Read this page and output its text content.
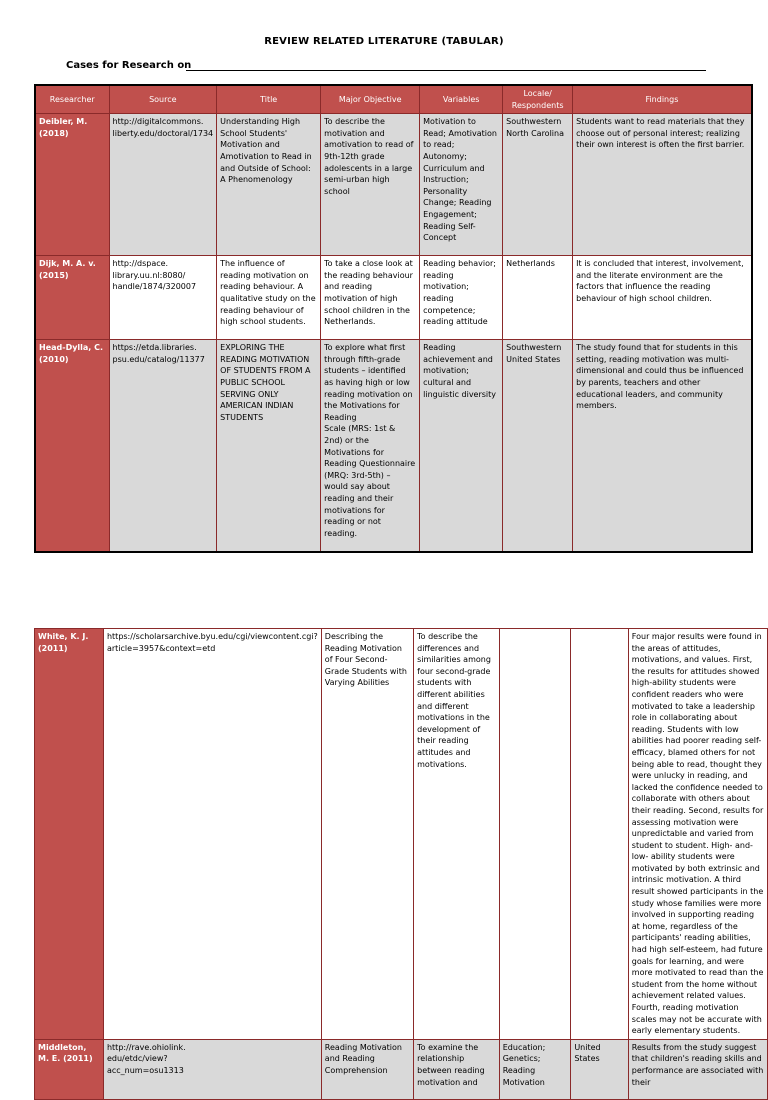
REVIEW RELATED LITERATURE (TABULAR)
Cases for Research on
Researcher	Source	Title	Major Objective	Variables	Locale/
Respondents	Findings
Deibler, M. (2018)	http://digitalcommons.
liberty.edu/doctoral/1734	Understanding High School Students' Motivation and Amotivation to Read in and Outside of School: A Phenomenology	To describe the motivation and amotivation to read of 9th-12th grade adolescents in a large semi-urban high school	Motivation to Read; Amotivation to read; Autonomy; Curriculum and Instruction; Personality Change; Reading Engagement; Reading Self-Concept	Southwestern North Carolina	Students want to read materials that they choose out of personal interest; realizing their own interest is often the first barrier.
Dijk, M. A. v. (2015)	http://dspace.
library.uu.nl:8080/
handle/1874/320007	The influence of reading motivation on reading behaviour. A qualitative study on the reading behaviour of high school students.	To take a close look at the reading behaviour and reading motivation of high school children in the Netherlands.	Reading behavior; reading motivation; reading competence; reading attitude	Netherlands	It is concluded that interest, involvement, and the literate environment are the factors that influence the reading behaviour of high school children.
Head-Dylla, C. (2010)	https://etda.libraries.
psu.edu/catalog/11377	EXPLORING THE READING MOTIVATION OF STUDENTS FROM A PUBLIC SCHOOL SERVING ONLY AMERICAN INDIAN STUDENTS	To explore what first through fifth-grade students – identified as having high or low reading motivation on the Motivations for Reading
Scale (MRS: 1st & 2nd) or the Motivations for Reading Questionnaire (MRQ: 3rd-5th) – would say about reading and their motivations for reading or not reading.	Reading achievement and motivation; cultural and linguistic diversity	Southwestern United States	The study found that for students in this setting, reading motivation was multi-dimensional and could thus be influenced by parents, teachers and other educational leaders, and community members.
White, K. J. (2011)	https://scholarsarchive.byu.edu/cgi/viewcontent.cgi?
article=3957&context=etd	Describing the Reading Motivation of Four Second-Grade Students with Varying Abilities	To describe the differences and similarities among four second-grade students with different abilities and different motivations in the development of their reading attitudes and motivations.			Four major results were found in the areas of attitudes, motivations, and values. First, the results for attitudes showed high-ability students were confident readers who were motivated to take a leadership role in collaborating about reading. Students with low abilities had poorer reading self-efficacy, blamed others for not being able to read, thought they were unlucky in reading, and lacked the confidence needed to collaborate with others about their reading. Second, results for assessing motivation were unpredictable and varied from student to student. High- and- low- ability students were motivated by both extrinsic and intrinsic motivation. A third result showed participants in the study whose families were more involved in supporting reading at home, regardless of the participants' reading abilities, had high self-esteem, had future goals for learning, and were more motivated to read than the student from the home without achievement related values. Fourth, reading motivation scales may not be accurate with early elementary students.
Middleton, M. E. (2011)	http://rave.ohiolink.
edu/etdc/view?
acc_num=osu1313	Reading Motivation and Reading Comprehension	To examine the relationship between reading motivation and	Education; Genetics; Reading Motivation	United States	Results from the study suggest that children's reading skills and performance are associated with their
